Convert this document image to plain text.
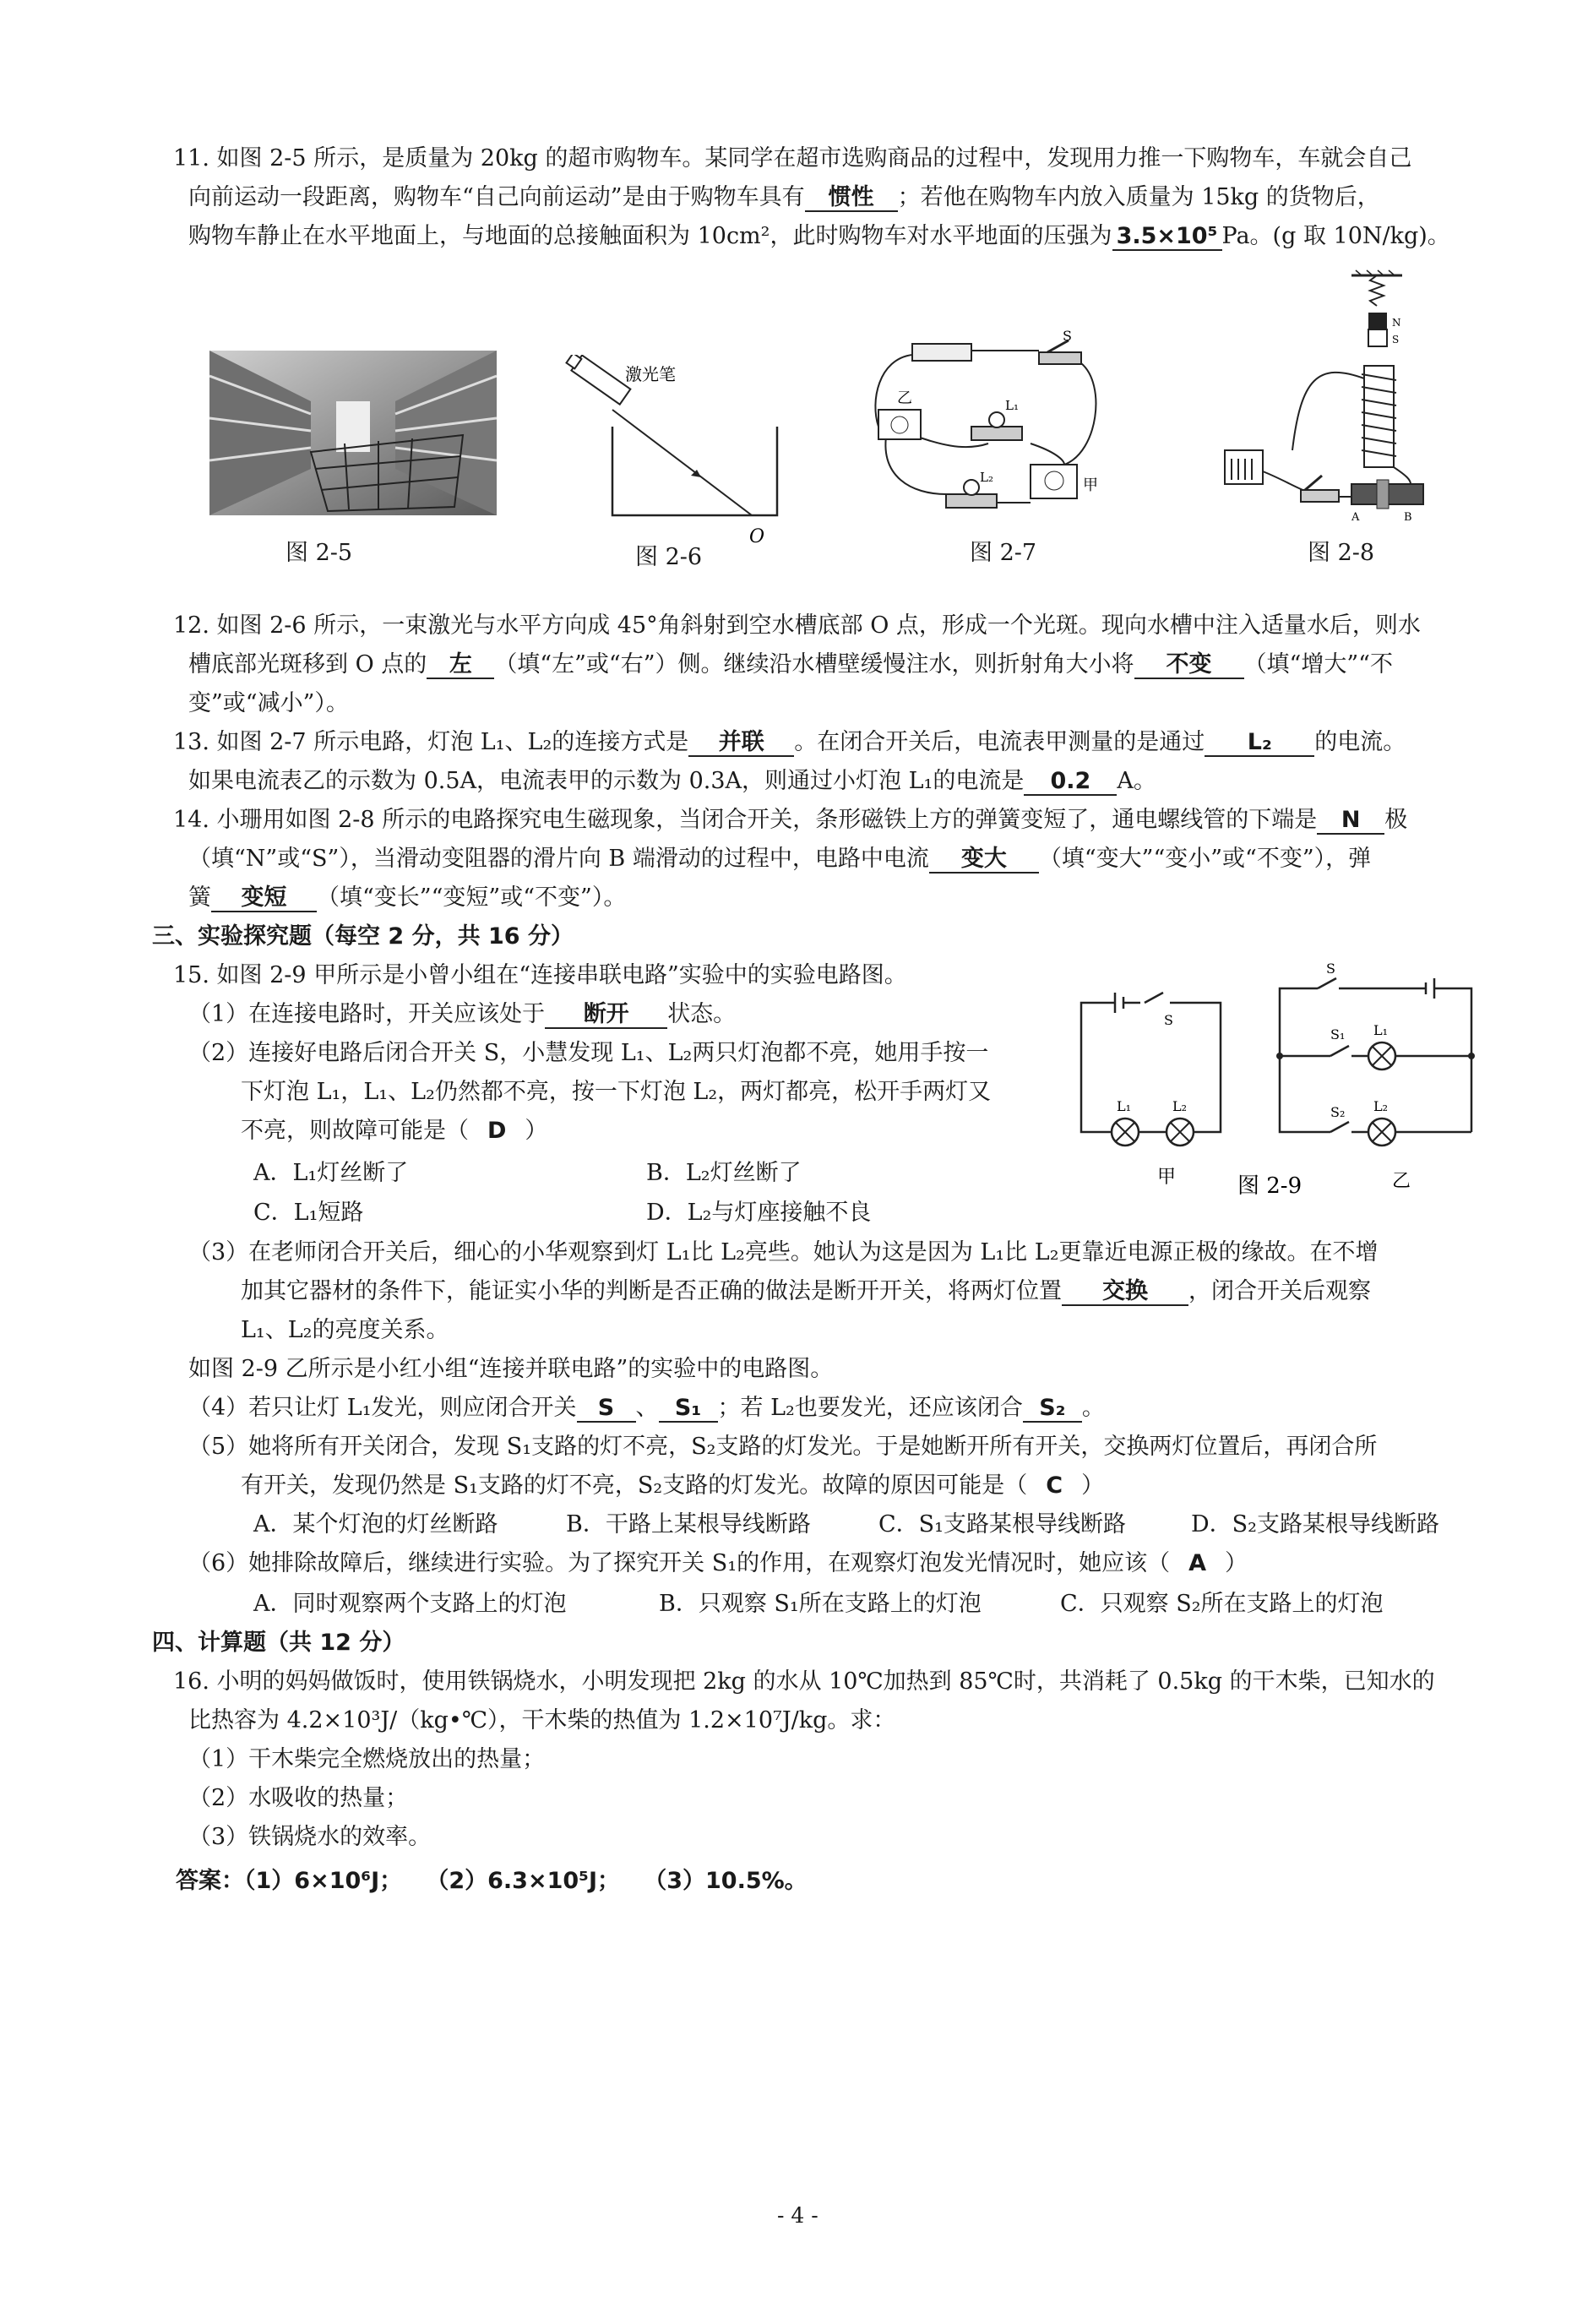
11. 如图 2-5 所示，是质量为 20kg 的超市购物车。某同学在超市选购商品的过程中，发现用力推一下购物车，车就会自己
向前运动一段距离，购物车“自己向前运动”是由于购物车具有 惯性 ；若他在购物车内放入质量为 15kg 的货物后，
购物车静止在水平地面上，与地面的总接触面积为 10cm²，此时购物车对水平地面的压强为 3.5×10⁵ Pa。(g 取 10N/kg)。
图 2-5
激光笔
O
图 2-6
S
乙	L₁
L₂	甲
图 2-7
N
S
A	B
图 2-8
12. 如图 2-6 所示，一束激光与水平方向成 45°角斜射到空水槽底部 O 点，形成一个光斑。现向水槽中注入适量水后，则水
槽底部光斑移到 O 点的 左 （填“左”或“右”）侧。继续沿水槽壁缓慢注水，则折射角大小将 不变 （填“增大”“不
变”或“减小”）。
13. 如图 2-7 所示电路，灯泡 L₁、L₂的连接方式是 并联 。在闭合开关后，电流表甲测量的是通过 L₂ 的电流。
如果电流表乙的示数为 0.5A，电流表甲的示数为 0.3A，则通过小灯泡 L₁的电流是 0.2 A。
14. 小珊用如图 2-8 所示的电路探究电生磁现象，当闭合开关，条形磁铁上方的弹簧变短了，通电螺线管的下端是 N 极
（填“N”或“S”），当滑动变阻器的滑片向 B 端滑动的过程中，电路中电流 变大 （填“变大”“变小”或“不变”），弹
簧 变短 （填“变长”“变短”或“不变”）。
三、实验探究题（每空 2 分，共 16 分）
15. 如图 2-9 甲所示是小曾小组在“连接串联电路”实验中的实验电路图。
（1）在连接电路时，开关应该处于 断开 状态。
（2）连接好电路后闭合开关 S，小慧发现 L₁、L₂两只灯泡都不亮，她用手按一
下灯泡 L₁，L₁、L₂仍然都不亮，按一下灯泡 L₂，两灯都亮，松开手两灯又
不亮，则故障可能是（ D ）
A．L₁灯丝断了	B．L₂灯丝断了
C．L₁短路	D．L₂与灯座接触不良
S
L₁	L₂
甲
S
S₁
S₂
L₁
L₂
乙
图 2-9
（3）在老师闭合开关后，细心的小华观察到灯 L₁比 L₂亮些。她认为这是因为 L₁比 L₂更靠近电源正极的缘故。在不增
加其它器材的条件下，能证实小华的判断是否正确的做法是断开开关，将两灯位置 交换 ，闭合开关后观察
L₁、L₂的亮度关系。
如图 2-9 乙所示是小红小组“连接并联电路”的实验中的电路图。
（4）若只让灯 L₁发光，则应闭合开关 S 、 S₁ ；若 L₂也要发光，还应该闭合 S₂ 。
（5）她将所有开关闭合，发现 S₁支路的灯不亮，S₂支路的灯发光。于是她断开所有开关，交换两灯位置后，再闭合所
有开关，发现仍然是 S₁支路的灯不亮，S₂支路的灯发光。故障的原因可能是（ C ）
A．某个灯泡的灯丝断路	B．干路上某根导线断路	C．S₁支路某根导线断路	D．S₂支路某根导线断路
（6）她排除故障后，继续进行实验。为了探究开关 S₁的作用，在观察灯泡发光情况时，她应该（ A ）
A．同时观察两个支路上的灯泡	B．只观察 S₁所在支路上的灯泡	C．只观察 S₂所在支路上的灯泡
四、计算题（共 12 分）
16. 小明的妈妈做饭时，使用铁锅烧水，小明发现把 2kg 的水从 10℃加热到 85℃时，共消耗了 0.5kg 的干木柴，已知水的
比热容为 4.2×10³J/（kg•℃），干木柴的热值为 1.2×10⁷J/kg。求：
（1）干木柴完全燃烧放出的热量；
（2）水吸收的热量；
（3）铁锅烧水的效率。
答案：（1）6×10⁶J；   （2）6.3×10⁵J；   （3）10.5%。
- 4 -
